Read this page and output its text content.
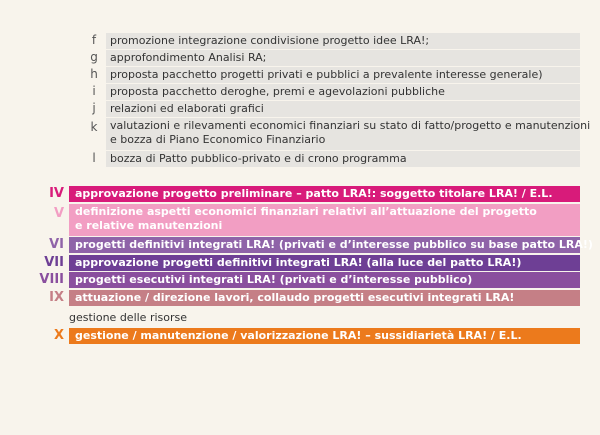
f	promozione integrazione condivisione progetto idee LRA!;
g	approfondimento Analisi RA;
h	proposta pacchetto progetti privati e pubblici a prevalente interesse generale)
i	proposta pacchetto deroghe, premi e agevolazioni pubbliche
j	relazioni ed elaborati grafici
k	valutazioni e rilevamenti economici finanziari su stato di fatto/progetto e manutenzioni
e bozza di Piano Economico Finanziario
l	bozza di Patto pubblico-privato e di crono programma
IV	approvazione progetto preliminare – patto LRA!: soggetto titolare LRA! / E.L.
V definizione aspetti economici finanziari relativi all’attuazione del progetto
e relative manutenzioni
VI	progetti definitivi integrati LRA! (privati e d’interesse pubblico su base patto LRA!)
VII	approvazione progetti definitivi integrati LRA! (alla luce del patto LRA!)
VIII	progetti esecutivi integrati LRA! (privati e d’interesse pubblico)
IX	attuazione / direzione lavori, collaudo progetti esecutivi integrati LRA!
gestione delle risorse
X	gestione / manutenzione / valorizzazione LRA! – sussidiarietà LRA! / E.L.
